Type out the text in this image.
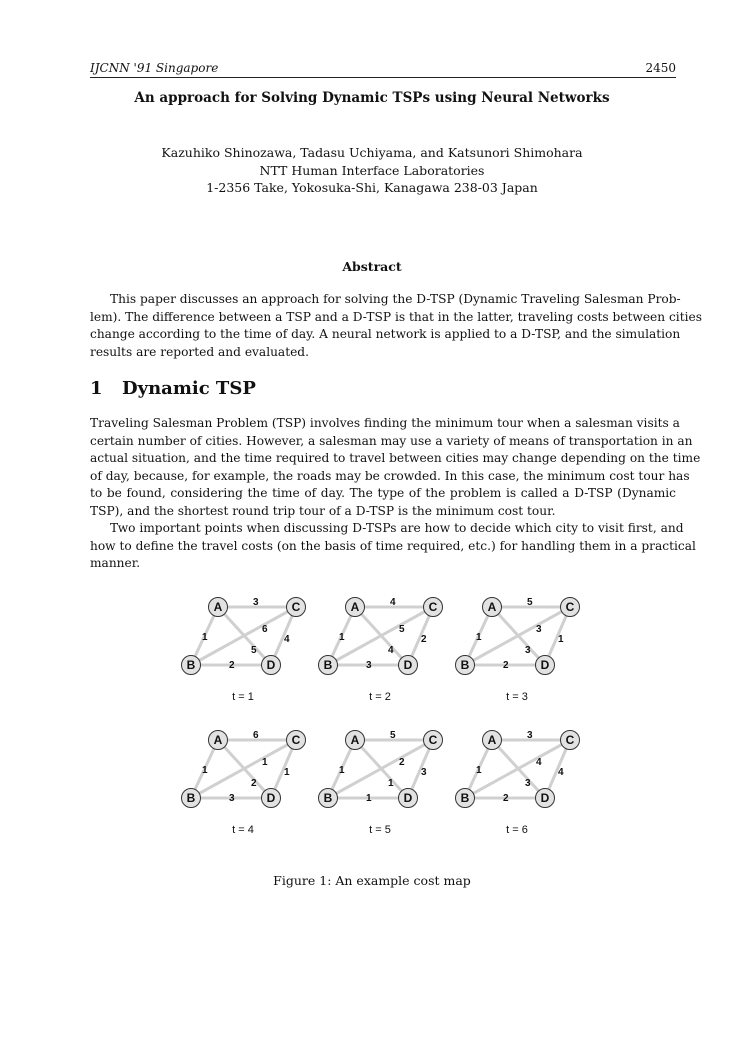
IJCNN '91 Singapore	2450
An approach for Solving Dynamic TSPs using Neural Networks
Kazuhiko Shinozawa, Tadasu Uchiyama, and Katsunori Shimohara
NTT Human Interface Laboratories
1-2356 Take, Yokosuka-Shi, Kanagawa 238-03 Japan
Abstract
This paper discusses an approach for solving the D-TSP (Dynamic Traveling Salesman Prob-
lem). The difference between a TSP and a D-TSP is that in the latter, traveling costs between cities
change according to the time of day. A neural network is applied to a D-TSP, and the simulation
results are reported and evaluated.
1 Dynamic TSP
Traveling Salesman Problem (TSP) involves finding the minimum tour when a salesman visits a
certain number of cities. However, a salesman may use a variety of means of transportation in an
actual situation, and the time required to travel between cities may change depending on the time
of day, because, for example, the roads may be crowded. In this case, the minimum cost tour has
to be found, considering the time of day. The type of the problem is called a D-TSP (Dynamic
TSP), and the shortest round trip tour of a D-TSP is the minimum cost tour.
Two important points when discussing D-TSPs are how to decide which city to visit first, and
how to define the travel costs (on the basis of time required, etc.) for handling them in a practical
manner.
3
1
6
5
4
2
A
B
C
D
t = 1
4
1
5
4
2
3
A
B
C
D
t = 2
5
1
3
3
1
2
A
B
C
D
t = 3
6
1
1
2
1
3
A
B
C
D
t = 4
5
1
2
1
3
1
A
B
C
D
t = 5
3
1
4
3
4
2
A
B
C
D
t = 6
Figure 1: An example cost map
